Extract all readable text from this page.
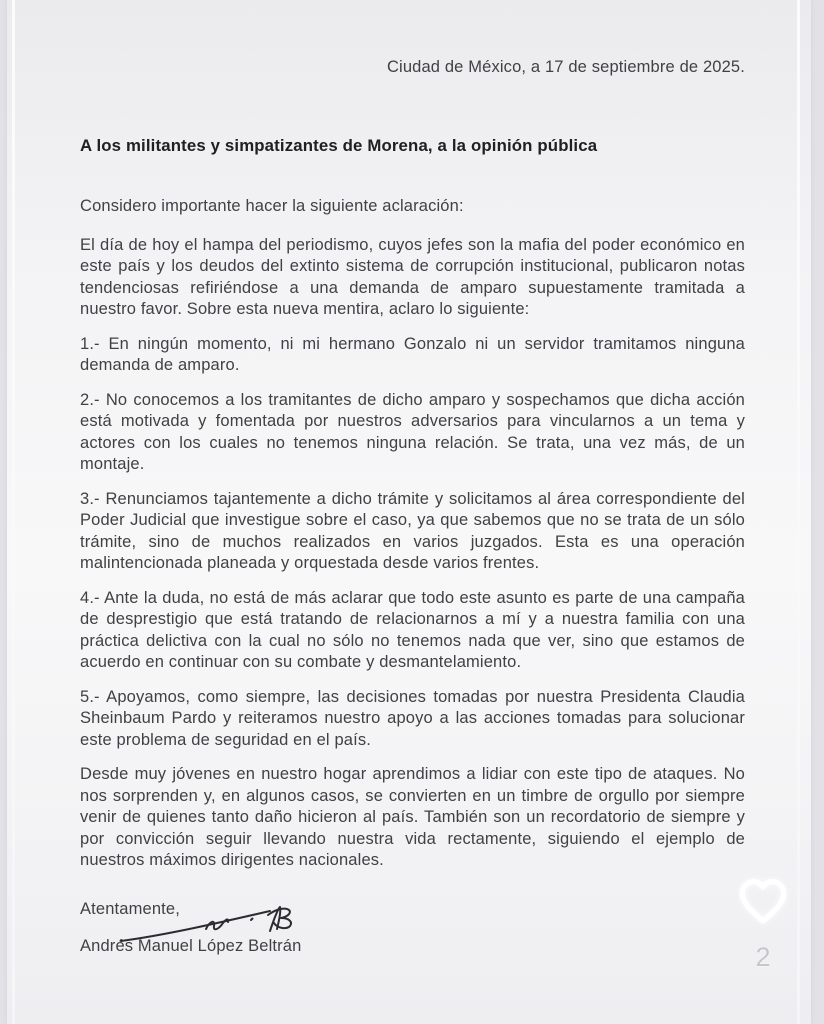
Ciudad de México, a 17 de septiembre de 2025.

A los militantes y simpatizantes de Morena, a la opinión pública

Considero importante hacer la siguiente aclaración:

El día de hoy el hampa del periodismo, cuyos jefes son la mafia del poder económico en este país y los deudos del extinto sistema de corrupción institucional, publicaron notas tendenciosas refiriéndose a una demanda de amparo supuestamente tramitada a nuestro favor. Sobre esta nueva mentira, aclaro lo siguiente:

1.- En ningún momento, ni mi hermano Gonzalo ni un servidor tramitamos ninguna demanda de amparo.

2.- No conocemos a los tramitantes de dicho amparo y sospechamos que dicha acción está motivada y fomentada por nuestros adversarios para vincularnos a un tema y actores con los cuales no tenemos ninguna relación. Se trata, una vez más, de un montaje.

3.- Renunciamos tajantemente a dicho trámite y solicitamos al área correspondiente del Poder Judicial que investigue sobre el caso, ya que sabemos que no se trata de un sólo trámite, sino de muchos realizados en varios juzgados. Esta es una operación malintencionada planeada y orquestada desde varios frentes.

4.- Ante la duda, no está de más aclarar que todo este asunto es parte de una campaña de desprestigio que está tratando de relacionarnos a mí y a nuestra familia con una práctica delictiva con la cual no sólo no tenemos nada que ver, sino que estamos de acuerdo en continuar con su combate y desmantelamiento.

5.- Apoyamos, como siempre, las decisiones tomadas por nuestra Presidenta Claudia Sheinbaum Pardo y reiteramos nuestro apoyo a las acciones tomadas para solucionar este problema de seguridad en el país.

Desde muy jóvenes en nuestro hogar aprendimos a lidiar con este tipo de ataques. No nos sorprenden y, en algunos casos, se convierten en un timbre de orgullo por siempre venir de quienes tanto daño hicieron al país. También son un recordatorio de siempre y por convicción seguir llevando nuestra vida rectamente, siguiendo el ejemplo de nuestros máximos dirigentes nacionales.

Atentamente,

Andrés Manuel López Beltrán	2
